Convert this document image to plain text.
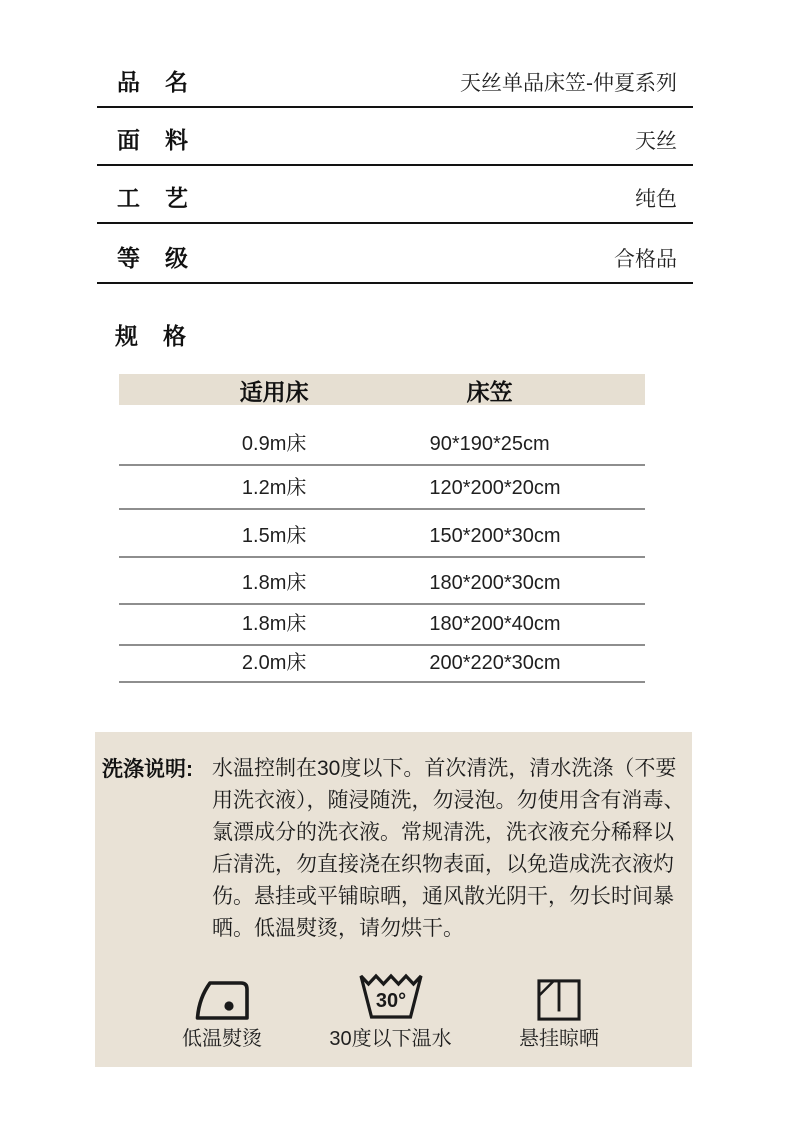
品　名	天丝单品床笠-仲夏系列
面　料	天丝
工　艺	纯色
等　级	合格品
规　格
适用床	床笠
0.9m床	90*190*25cm
1.2m床	120*200*20cm
1.5m床	150*200*30cm
1.8m床	180*200*30cm
1.8m床	180*200*40cm
2.0m床	200*220*30cm
洗涤说明: 水温控制在30度以下。首次清洗，清水洗涤（不要
用洗衣液），随浸随洗，勿浸泡。勿使用含有消毒、
氯漂成分的洗衣液。常规清洗，洗衣液充分稀释以
后清洗，勿直接浇在织物表面，以免造成洗衣液灼
伤。悬挂或平铺晾晒，通风散光阴干，勿长时间暴
晒。低温熨烫，请勿烘干。
低温熨烫
30°
30度以下温水	悬挂晾晒
